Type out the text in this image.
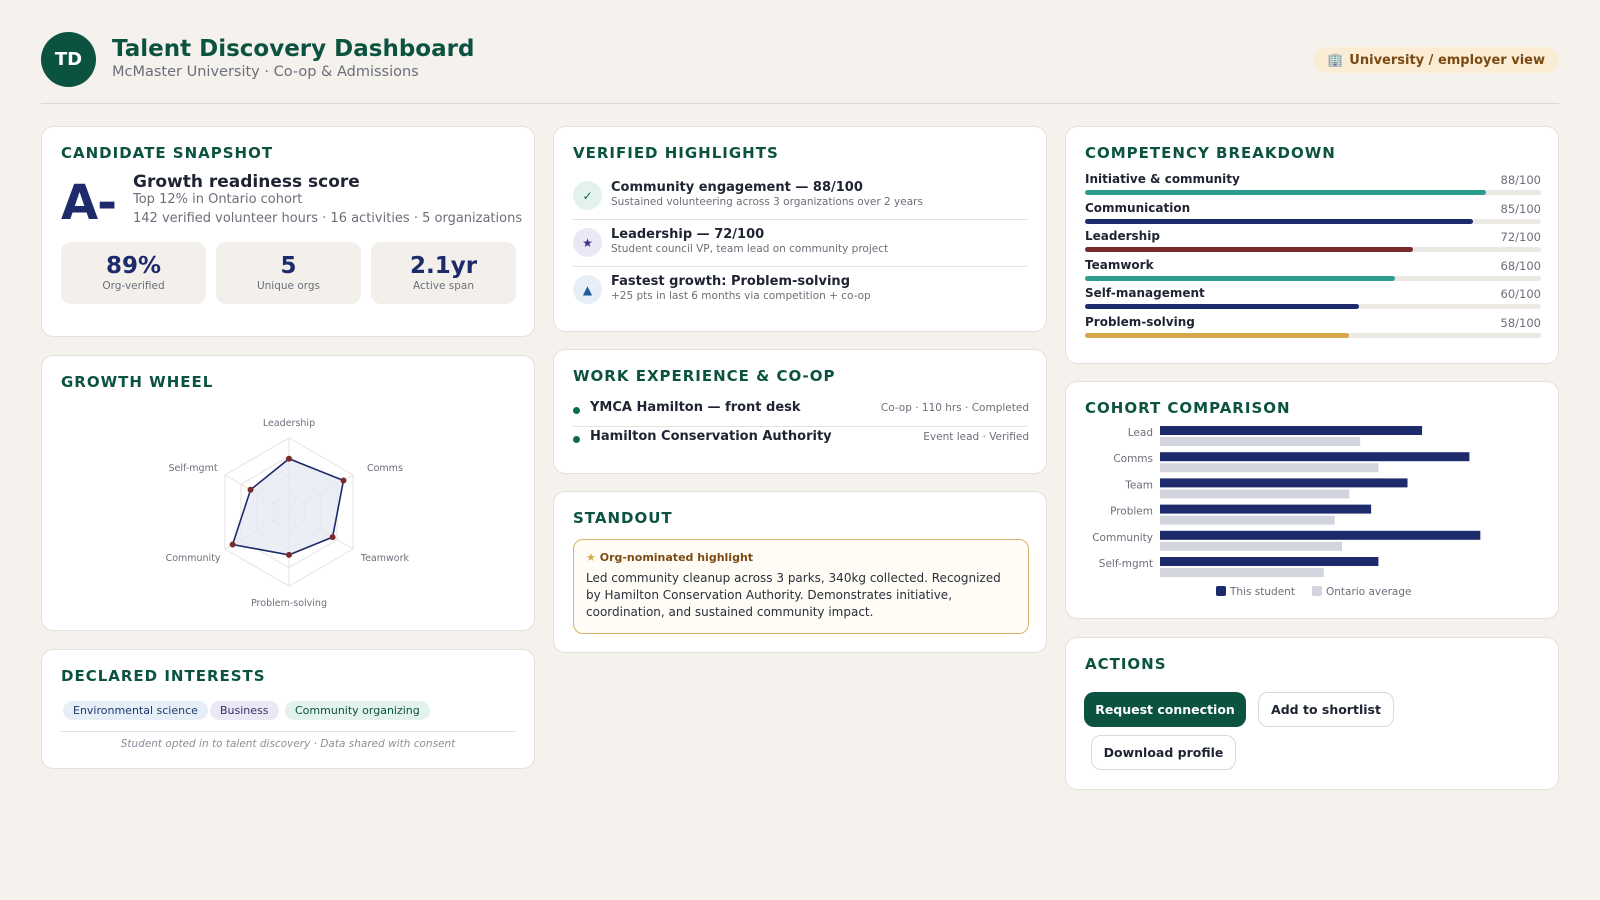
TD	Talent Discovery Dashboard
McMaster University · Co-op & Admissions
🏢 University / employer view
CANDIDATE SNAPSHOT
A- Growth readiness score
Top 12% in Ontario cohort
142 verified volunteer hours · 16 activities · 5 organizations
89%
Org-verified
5
Unique orgs
2.1yr
Active span
GROWTH WHEEL
Leadership
Comms
Teamwork
Problem-solving
Community
Self-mgmt
DECLARED INTERESTS
Environmental science	Business	Community organizing
Student opted in to talent discovery · Data shared with consent
VERIFIED HIGHLIGHTS
✓
Community engagement — 88/100
Sustained volunteering across 3 organizations over 2 years
★
Leadership — 72/100
Student council VP, team lead on community project
▲
Fastest growth: Problem-solving
+25 pts in last 6 months via competition + co-op
WORK EXPERIENCE & CO-OP
YMCA Hamilton — front desk	Co-op · 110 hrs · Completed
Hamilton Conservation Authority	Event lead · Verified
STANDOUT
★ Org-nominated highlight
Led community cleanup across 3 parks, 340kg collected. Recognized by Hamilton Conservation Authority. Demonstrates initiative, coordination, and sustained community impact.
COMPETENCY BREAKDOWN
Initiative & community	88/100
Communication	85/100
Leadership	72/100
Teamwork	68/100
Self-management	60/100
Problem-solving	58/100
COHORT COMPARISON
Lead
Comms
Team
Problem
Community
Self-mgmt
This student	Ontario average
ACTIONS
Request connection	Add to shortlist
Download profile
